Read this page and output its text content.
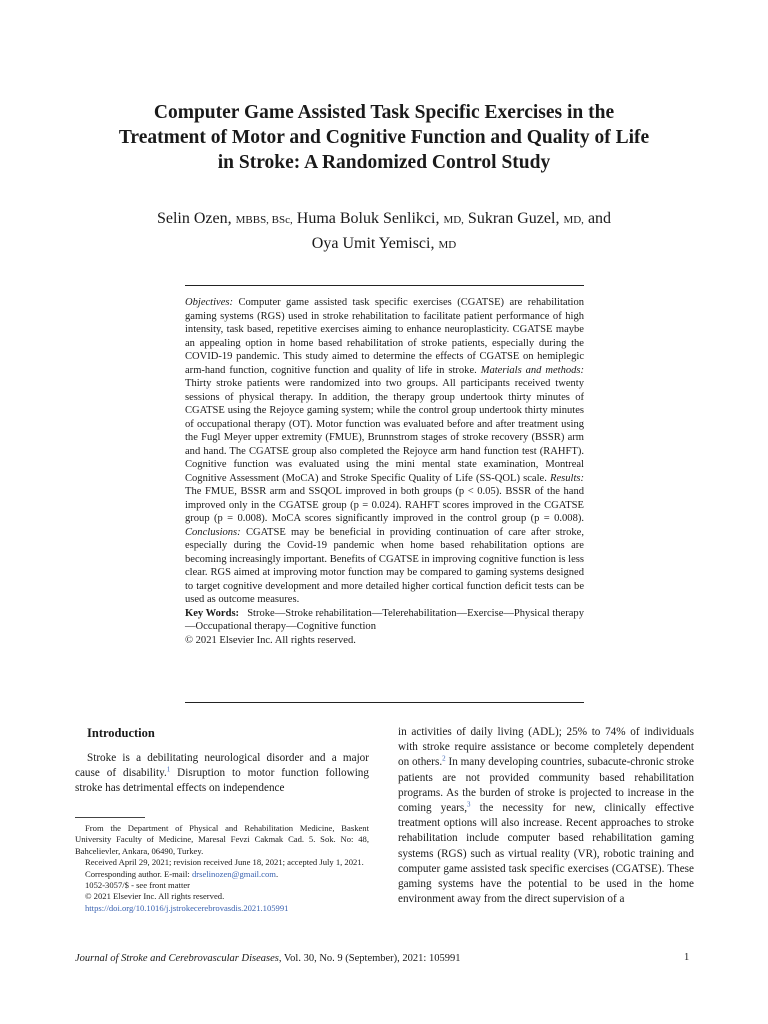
Computer Game Assisted Task Specific Exercises in the
Treatment of Motor and Cognitive Function and Quality of Life
in Stroke: A Randomized Control Study
Selin Ozen, MBBS, BSc, Huma Boluk Senlikci, MD, Sukran Guzel, MD, and
Oya Umit Yemisci, MD

Objectives: Computer game assisted task specific exercises (CGATSE) are rehabilitation gaming systems (RGS) used in stroke rehabilitation to facilitate patient performance of high intensity, task based, repetitive exercises aiming to enhance neuroplasticity. CGATSE maybe an appealing option in home based rehabilitation of stroke patients, especially during the COVID-19 pandemic. This study aimed to determine the effects of CGATSE on hemiplegic arm-hand function, cognitive function and quality of life in stroke. Materials and methods: Thirty stroke patients were randomized into two groups. All participants received twenty sessions of physical therapy. In addition, the therapy group undertook thirty minutes of CGATSE using the Rejoyce gaming system; while the control group undertook thirty minutes of occupational therapy (OT). Motor function was evaluated before and after treatment using the Fugl Meyer upper extremity (FMUE), Brunnstrom stages of stroke recovery (BSSR) arm and hand. The CGATSE group also completed the Rejoyce arm hand function test (RAHFT). Cognitive function was evaluated using the mini mental state examination, Montreal Cognitive Assessment (MoCA) and Stroke Specific Quality of Life (SS-QOL) scale. Results: The FMUE, BSSR arm and SSQOL improved in both groups (p < 0.05). BSSR of the hand improved only in the CGATSE group (p = 0.024). RAHFT scores improved in the CGATSE group (p = 0.008). MoCA scores significantly improved in the control group (p = 0.008). Conclusions: CGATSE may be beneficial in providing continuation of care after stroke, especially during the Covid-19 pandemic when home based rehabilitation options are becoming increasingly important. Benefits of CGATSE in improving cognitive function is less clear. RGS aimed at improving motor function may be compared to gaming systems designed to target cognitive development and more detailed higher cortical function deficit tests can be used as outcome measures.

Key Words: Stroke—Stroke rehabilitation—Telerehabilitation—Exercise—Physical therapy—Occupational therapy—Cognitive function

© 2021 Elsevier Inc. All rights reserved.

Introduction

Stroke is a debilitating neurological disorder and a major cause of disability.$^1$ Disruption to motor function following stroke has detrimental effects on independence

From the Department of Physical and Rehabilitation Medicine, Baskent University Faculty of Medicine, Maresal Fevzi Cakmak Cad. 5. Sok. No: 48, Bahcelievler, Ankara, 06490, Turkey.

Received April 29, 2021; revision received June 18, 2021; accepted July 1, 2021.

Corresponding author. E-mail: drselinozen@gmail.com.

1052-3057/$ - see front matter

© 2021 Elsevier Inc. All rights reserved.

https://doi.org/10.1016/j.jstrokecerebrovasdis.2021.105991

in activities of daily living (ADL); 25% to 74% of individuals with stroke require assistance or become completely dependent on others.$^2$ In many developing countries, subacute-chronic stroke patients are not provided community based rehabilitation programs. As the burden of stroke is projected to increase in the coming years,$^3$ the necessity for new, clinically effective treatment options will also increase. Recent approaches to stroke rehabilitation include computer based rehabilitation gaming systems (RGS) such as virtual reality (VR), robotic training and computer game assisted task specific exercises (CGATSE). These gaming systems have the potential to be used in the home environment away from the direct supervision of a

Journal of Stroke and Cerebrovascular Diseases, Vol. 30, No. 9 (September), 2021: 105991	1
